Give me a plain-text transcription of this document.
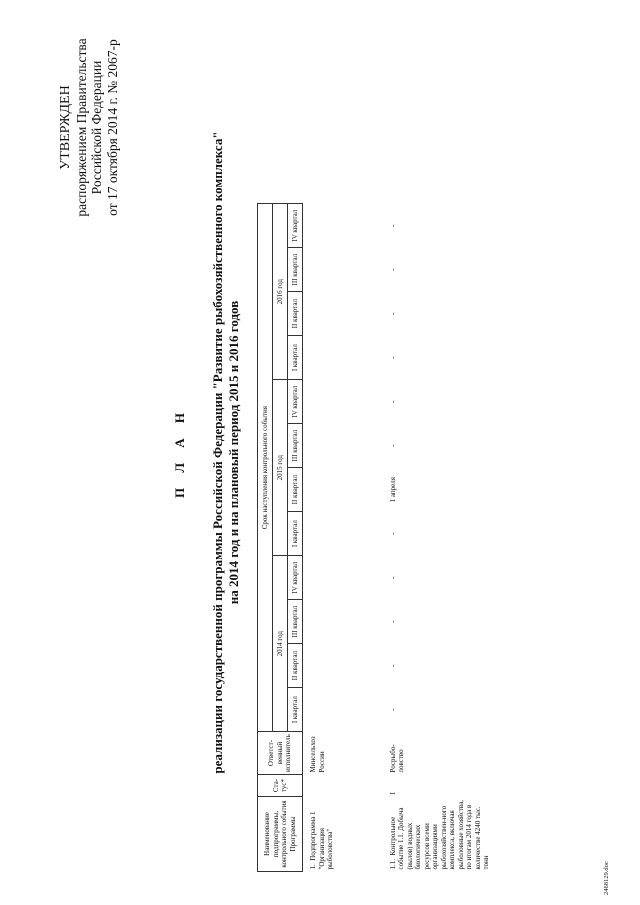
УТВЕРЖДЕН распоряжением Правительства Российской Федерации от 17 октября 2014 г. № 2067-р
П Л А Н реализации государственной программы Российской Федерации "Развитие рыбохозяйственного комплекса" на 2014 год и на плановый период 2015 и 2016 годов
Наименование подпрограммы, контрольного события Программы	Ста-тус*	Ответст-венный исполнитель	Срок наступления контрольного события											
			2014 год				2015 год				2016 год			
			I квартал	II квартал	III квартал	IV квартал	I квартал	II квартал	III квартал	IV квартал	I квартал	II квартал	III квартал	IV квартал
1.  Подпрограмма 1 "Организация рыболовства"		Минсельхоз России												
1.1.  Контрольное событие 1.1. Добыча (вылов) водных биологических ресурсов всеми организациями рыбохозяйствен-ного комплекса, включая рыболовные хозяйства, по итогам 2014 года в количестве 4240 тыс. тонн	I	Росрыбо-ловство	-	-	-	-	-	1 апреля	-	-	-	-	-	-
2468129.doc
